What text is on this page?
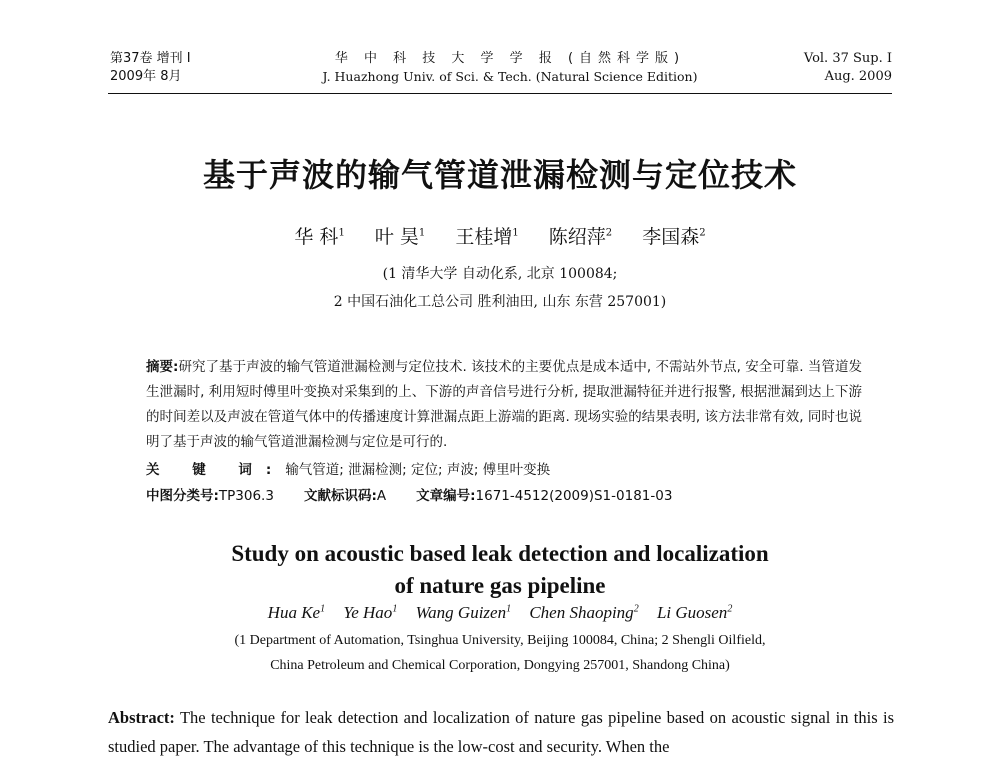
第37卷 增刊 I
2009年 8月
华 中 科 技 大 学 学 报 (自然科学版)
J. Huazhong Univ. of Sci. & Tech. (Natural Science Edition)
Vol. 37 Sup. I
Aug. 2009
基于声波的输气管道泄漏检测与定位技术
华 科$^1$ 叶 昊$^1$ 王桂增$^1$ 陈绍萍$^2$ 李国森$^2$
(1 清华大学 自动化系, 北京 100084;
2 中国石油化工总公司 胜利油田, 山东 东营 257001)
摘要:研究了基于声波的输气管道泄漏检测与定位技术. 该技术的主要优点是成本适中, 不需站外节点, 安全可靠. 当管道发生泄漏时, 利用短时傅里叶变换对采集到的上、下游的声音信号进行分析, 提取泄漏特征并进行报警, 根据泄漏到达上下游的时间差以及声波在管道气体中的传播速度计算泄漏点距上游端的距离. 现场实验的结果表明, 该方法非常有效, 同时也说明了基于声波的输气管道泄漏检测与定位是可行的.
关 键 词:输气管道; 泄漏检测; 定位; 声波; 傅里叶变换
中图分类号:TP306.3 文献标识码:A 文章编号:1671-4512(2009)S1-0181-03
Study on acoustic based leak detection and localization
of nature gas pipeline
Hua Ke$^1$ Ye Hao$^1$ Wang Guizen$^1$ Chen Shaoping$^2$ Li Guosen$^2$
(1 Department of Automation, Tsinghua University, Beijing 100084, China; 2 Shengli Oilfield,
China Petroleum and Chemical Corporation, Dongying 257001, Shandong China)
Abstract: The technique for leak detection and localization of nature gas pipeline based on acoustic signal in this is studied paper. The advantage of this technique is the low-cost and security. When the
